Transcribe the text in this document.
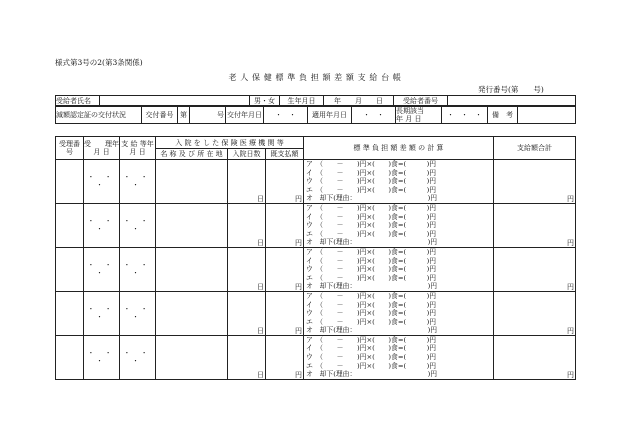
様式第3号の2(第3条関係)
老 人 保 健 標 準 負 担 額 差 額 支 給 台 帳
発行番号(第　　号)
受給者氏名		男・女	生年月日	年　　月　　日	受給者番号	
減額認定証の交付状況	交付番号	第	号	交付年月日	・　・	適用年月日	・　・	長期該当
年 月 日	・　・　・	備　考	
受理番号	受　　理年 月 日	支 給 等年 月 日	入 院 を し た 保 険 医 療 機 関 等			標 準 負 担 額 差 額 の 計 算	支給額合計
			名 称 及 び 所 在 地	入院日数	既支払額		
	・ ・ ・	・ ・ ・		日	円	ア　（　　－　　)円×(　　)食=(　　　)円
イ　（　　－　　)円×(　　)食=(　　　)円
ウ　（　　－　　)円×(　　)食=(　　　)円
エ　（　　－　　)円×(　　)食=(　　　)円
オ　却下(理由：　　　　　　　　　　　)円	円
	・ ・ ・	・ ・ ・		日	円	ア　（　　－　　)円×(　　)食=(　　　)円
イ　（　　－　　)円×(　　)食=(　　　)円
ウ　（　　－　　)円×(　　)食=(　　　)円
エ　（　　－　　)円×(　　)食=(　　　)円
オ　却下(理由：　　　　　　　　　　　)円	円
	・ ・ ・	・ ・ ・		日	円	ア　（　　－　　)円×(　　)食=(　　　)円
イ　（　　－　　)円×(　　)食=(　　　)円
ウ　（　　－　　)円×(　　)食=(　　　)円
エ　（　　－　　)円×(　　)食=(　　　)円
オ　却下(理由：　　　　　　　　　　　)円	円
	・ ・ ・	・ ・ ・		日	円	ア　（　　－　　)円×(　　)食=(　　　)円
イ　（　　－　　)円×(　　)食=(　　　)円
ウ　（　　－　　)円×(　　)食=(　　　)円
エ　（　　－　　)円×(　　)食=(　　　)円
オ　却下(理由：　　　　　　　　　　　)円	円
	・ ・ ・	・ ・ ・		日	円	ア　（　　－　　)円×(　　)食=(　　　)円
イ　（　　－　　)円×(　　)食=(　　　)円
ウ　（　　－　　)円×(　　)食=(　　　)円
エ　（　　－　　)円×(　　)食=(　　　)円
オ　却下(理由：　　　　　　　　　　　)円	円
